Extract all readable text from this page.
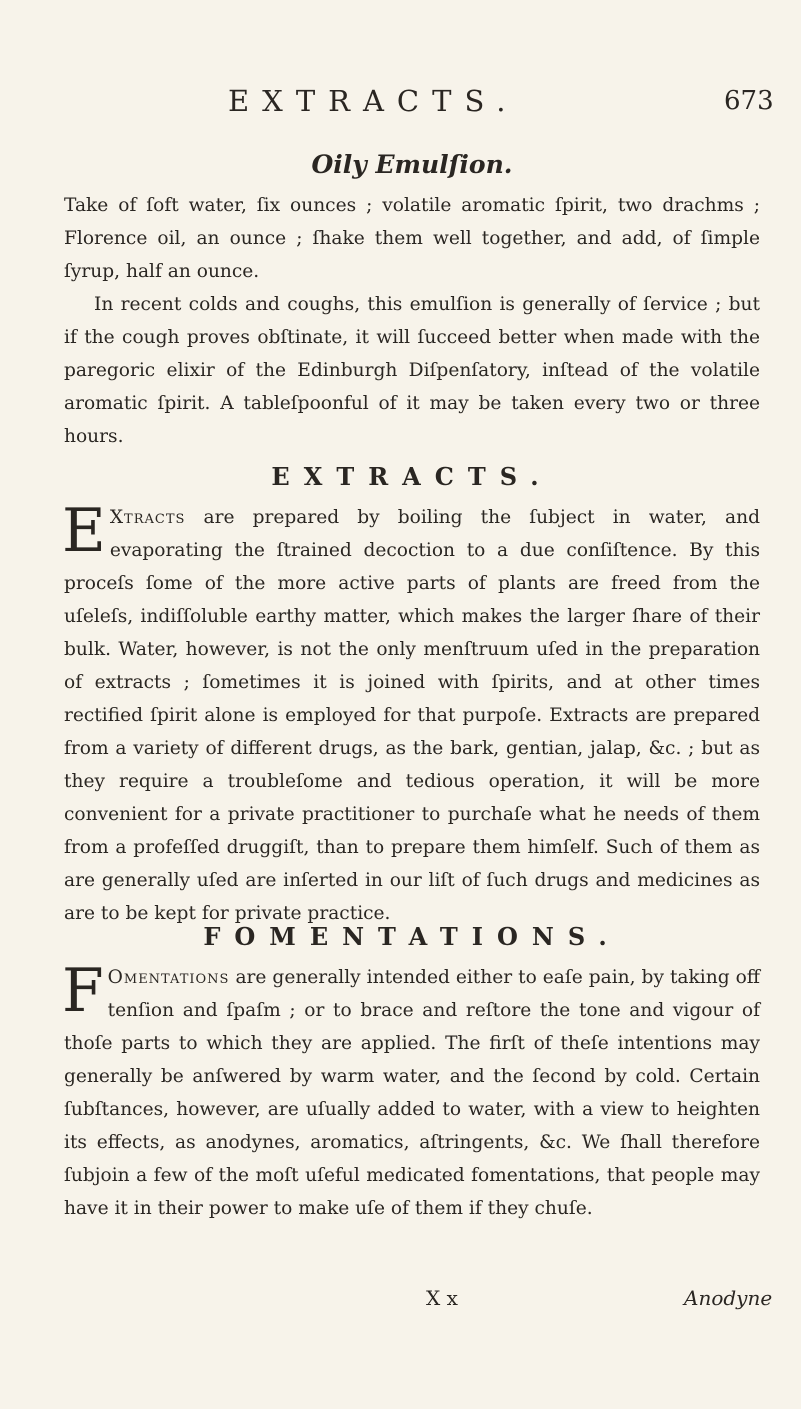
EXTRACTS.	673
Oily Emulſion.

Take of ſoft water, ſix ounces ; volatile aromatic ſpirit, two drachms ; Florence oil, an ounce ; ſhake them well together, and add, of ſimple ſyrup, half an ounce.

In recent colds and coughs, this emulſion is generally of ſervice ; but if the cough proves obſtinate, it will ſucceed better when made with the paregoric elixir of the Edinburgh Diſpenſatory, inſtead of the volatile aromatic ſpirit. A tableſpoonful of it may be taken every two or three hours.

EXTRACTS.

E Xtracts are prepared by boiling the ſubject in water, and evaporating the ſtrained decoction to a due conſiſtence. By this proceſs ſome of the more active parts of plants are freed from the uſeleſs, indiſſoluble earthy matter, which makes the larger ſhare of their bulk. Water, however, is not the only menſtruum uſed in the preparation of extracts ; ſometimes it is joined with ſpirits, and at other times rectified ſpirit alone is employed for that purpoſe. Extracts are prepared from a variety of different drugs, as the bark, gentian, jalap, &c. ; but as they require a troubleſome and tedious operation, it will be more convenient for a private practitioner to purchaſe what he needs of them from a profeſſed druggiſt, than to prepare them himſelf. Such of them as are generally uſed are inſerted in our liſt of ſuch drugs and medicines as are to be kept for private practice.

FOMENTATIONS.

F Omentations are generally intended either to eaſe pain, by taking off tenſion and ſpaſm ; or to brace and reſtore the tone and vigour of thoſe parts to which they are applied. The firſt of theſe intentions may generally be anſwered by warm water, and the ſecond by cold. Certain ſubſtances, however, are uſually added to water, with a view to heighten its effects, as anodynes, aromatics, aſtringents, &c. We ſhall therefore ſubjoin a few of the moſt uſeful medicated fomentations, that people may have it in their power to make uſe of them if they chuſe.

X x	Anodyne
